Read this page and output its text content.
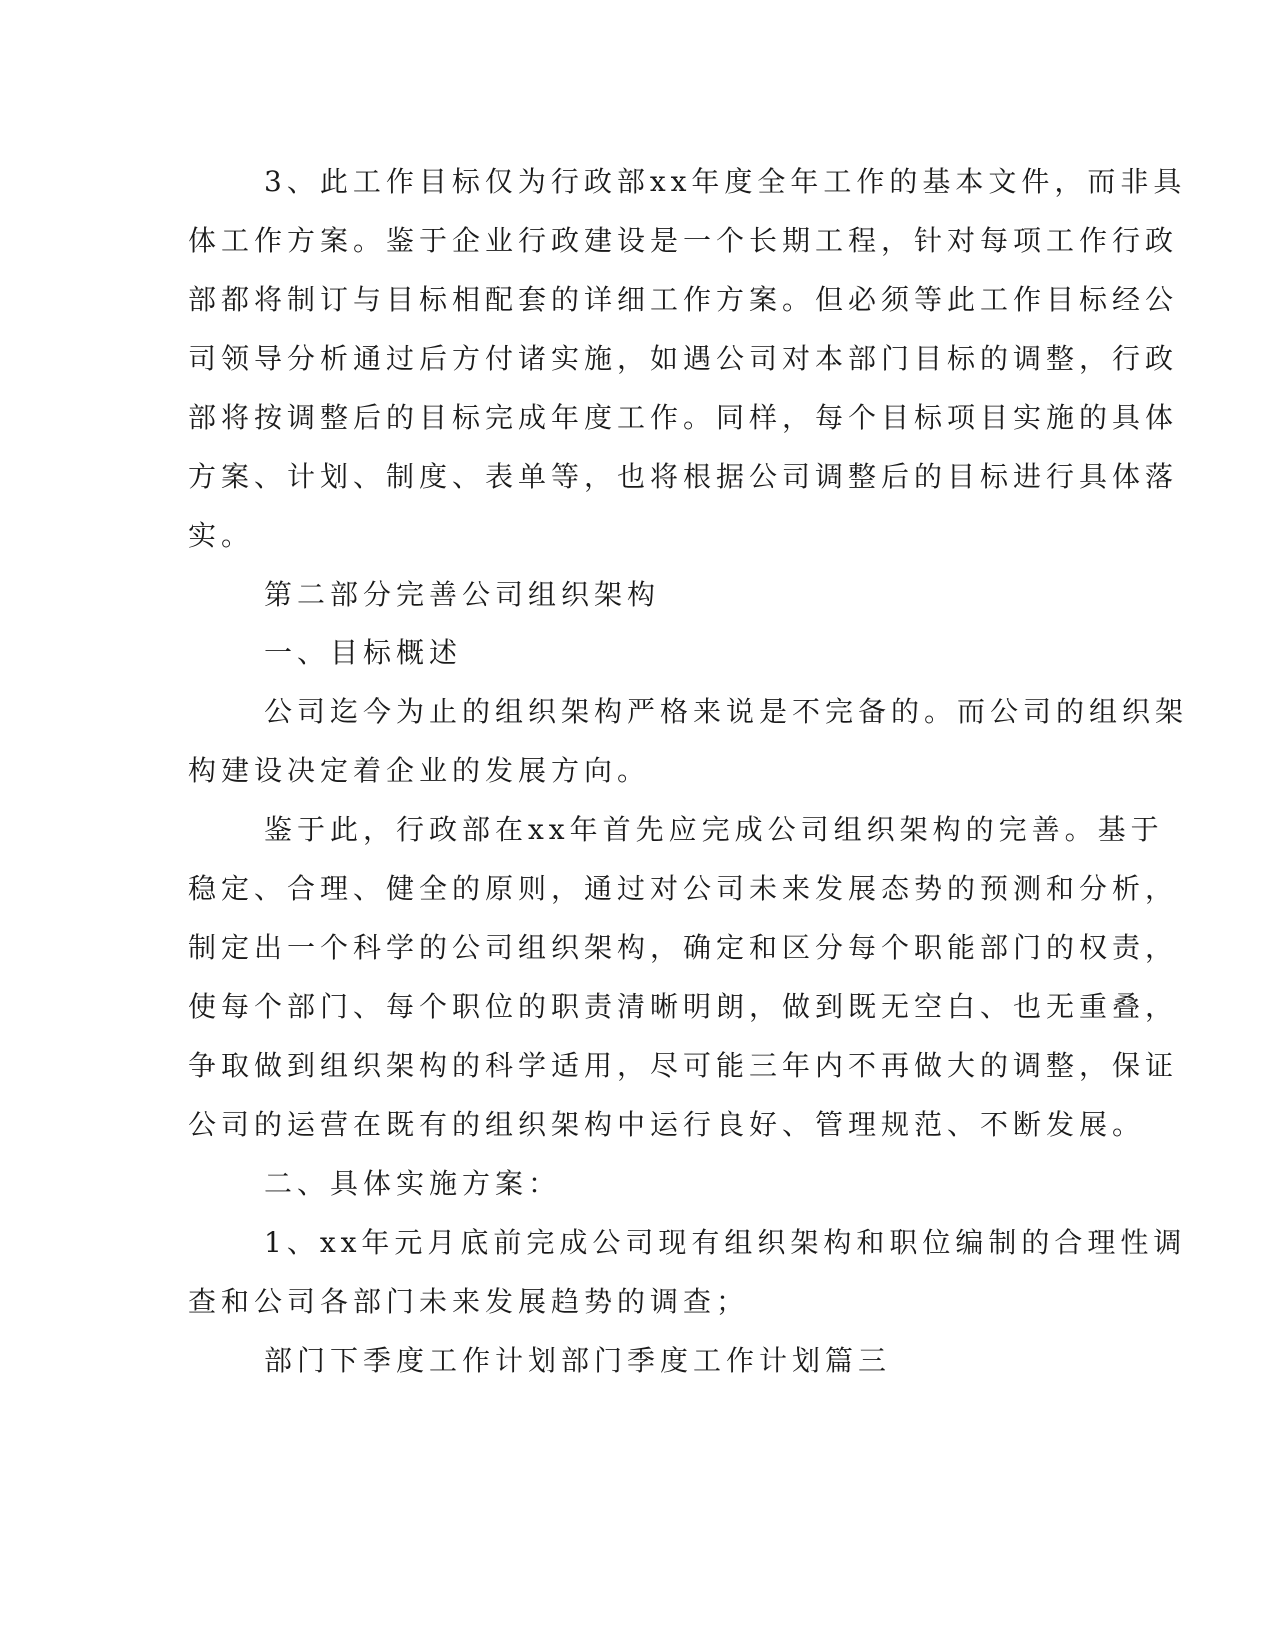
3、此工作目标仅为行政部xx年度全年工作的基本文件，而非具
体工作方案。鉴于企业行政建设是一个长期工程，针对每项工作行政
部都将制订与目标相配套的详细工作方案。但必须等此工作目标经公
司领导分析通过后方付诸实施，如遇公司对本部门目标的调整，行政
部将按调整后的目标完成年度工作。同样，每个目标项目实施的具体
方案、计划、制度、表单等，也将根据公司调整后的目标进行具体落
实。
第二部分完善公司组织架构
一、目标概述
公司迄今为止的组织架构严格来说是不完备的。而公司的组织架
构建设决定着企业的发展方向。
鉴于此，行政部在xx年首先应完成公司组织架构的完善。基于
稳定、合理、健全的原则，通过对公司未来发展态势的预测和分析，
制定出一个科学的公司组织架构，确定和区分每个职能部门的权责，
使每个部门、每个职位的职责清晰明朗，做到既无空白、也无重叠，
争取做到组织架构的科学适用，尽可能三年内不再做大的调整，保证
公司的运营在既有的组织架构中运行良好、管理规范、不断发展。
二、具体实施方案：
1、xx年元月底前完成公司现有组织架构和职位编制的合理性调
查和公司各部门未来发展趋势的调查；
部门下季度工作计划部门季度工作计划篇三
